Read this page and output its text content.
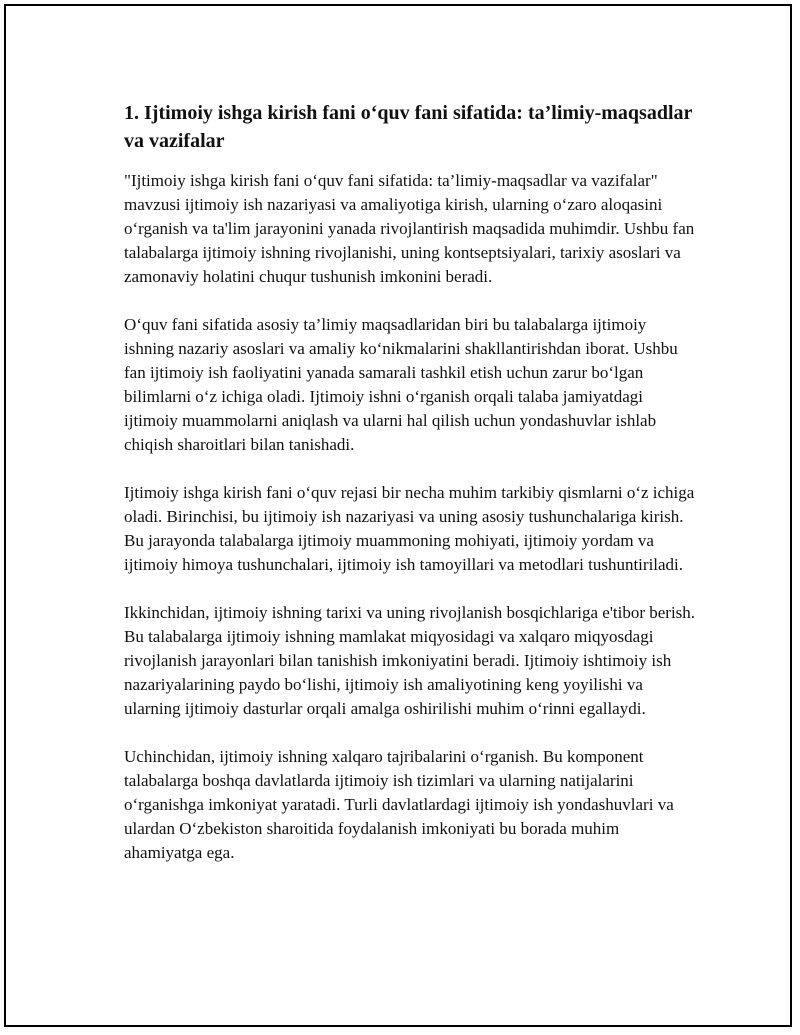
1. Ijtimoiy ishga kirish fani o‘quv fani sifatida: ta’limiy-maqsadlar va vazifalar

"Ijtimoiy ishga kirish fani o‘quv fani sifatida: ta’limiy-maqsadlar va vazifalar" mavzusi ijtimoiy ish nazariyasi va amaliyotiga kirish, ularning o‘zaro aloqasini o‘rganish va ta'lim jarayonini yanada rivojlantirish maqsadida muhimdir. Ushbu fan talabalarga ijtimoiy ishning rivojlanishi, uning kontseptsiyalari, tarixiy asoslari va zamonaviy holatini chuqur tushunish imkonini beradi.

O‘quv fani sifatida asosiy ta’limiy maqsadlaridan biri bu talabalarga ijtimoiy ishning nazariy asoslari va amaliy ko‘nikmalarini shakllantirishdan iborat. Ushbu fan ijtimoiy ish faoliyatini yanada samarali tashkil etish uchun zarur bo‘lgan bilimlarni o‘z ichiga oladi. Ijtimoiy ishni o‘rganish orqali talaba jamiyatdagi ijtimoiy muammolarni aniqlash va ularni hal qilish uchun yondashuvlar ishlab chiqish sharoitlari bilan tanishadi.

Ijtimoiy ishga kirish fani o‘quv rejasi bir necha muhim tarkibiy qismlarni o‘z ichiga oladi. Birinchisi, bu ijtimoiy ish nazariyasi va uning asosiy tushunchalariga kirish. Bu jarayonda talabalarga ijtimoiy muammoning mohiyati, ijtimoiy yordam va ijtimoiy himoya tushunchalari, ijtimoiy ish tamoyillari va metodlari tushuntiriladi.

Ikkinchidan, ijtimoiy ishning tarixi va uning rivojlanish bosqichlariga e'tibor berish. Bu talabalarga ijtimoiy ishning mamlakat miqyosidagi va xalqaro miqyosdagi rivojlanish jarayonlari bilan tanishish imkoniyatini beradi. Ijtimoiy ishtimoiy ish nazariyalarining paydo bo‘lishi, ijtimoiy ish amaliyotining keng yoyilishi va ularning ijtimoiy dasturlar orqali amalga oshirilishi muhim o‘rinni egallaydi.

Uchinchidan, ijtimoiy ishning xalqaro tajribalarini o‘rganish. Bu komponent talabalarga boshqa davlatlarda ijtimoiy ish tizimlari va ularning natijalarini o‘rganishga imkoniyat yaratadi. Turli davlatlardagi ijtimoiy ish yondashuvlari va ulardan O‘zbekiston sharoitida foydalanish imkoniyati bu borada muhim ahamiyatga ega.
